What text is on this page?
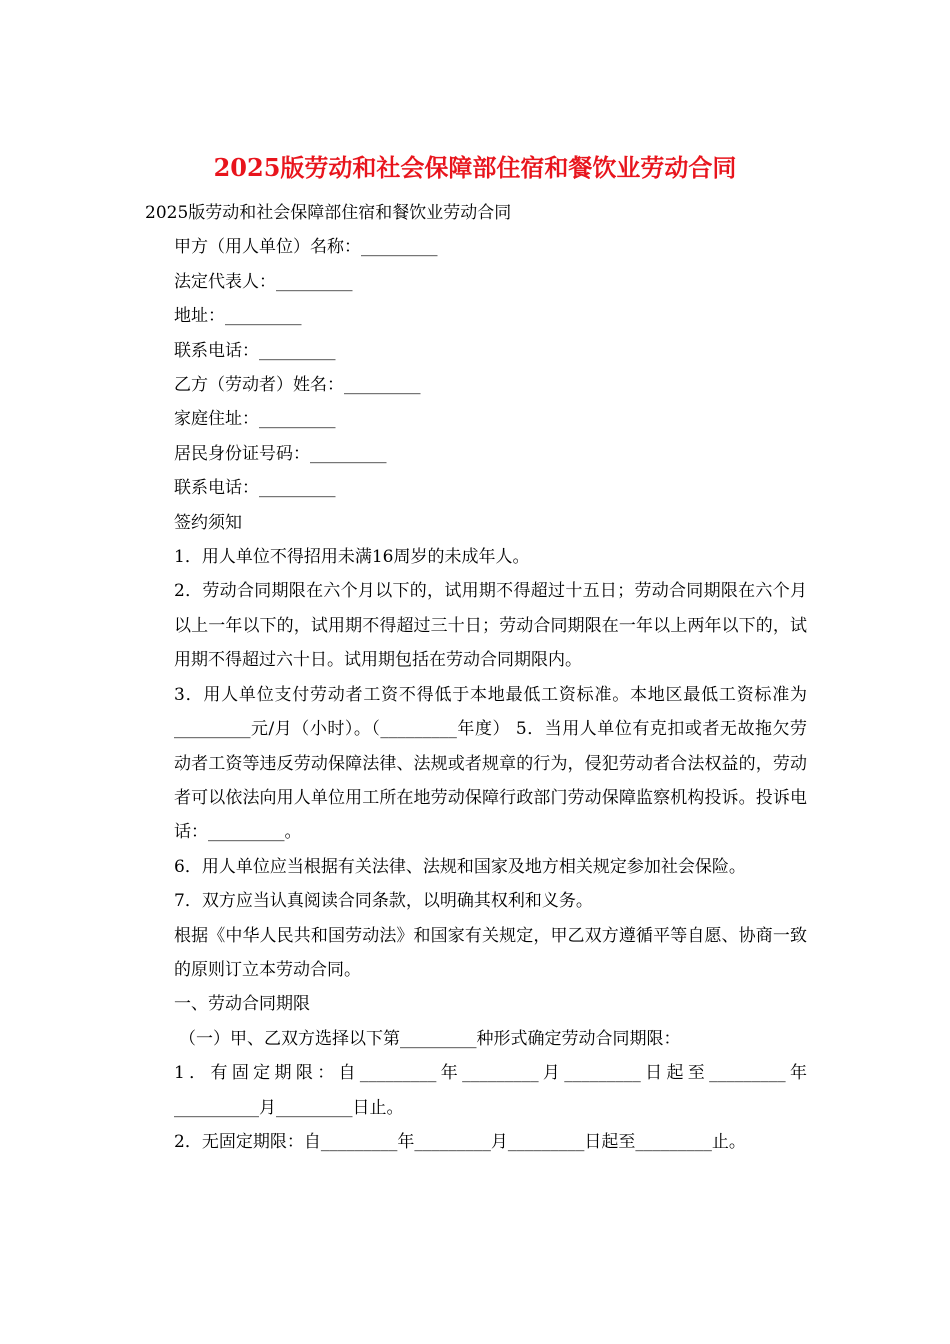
2025版劳动和社会保障部住宿和餐饮业劳动合同

2025版劳动和社会保障部住宿和餐饮业劳动合同

甲方（用人单位）名称：_________

法定代表人：_________

地址：_________

联系电话：_________

乙方（劳动者）姓名：_________

家庭住址：_________

居民身份证号码：_________

联系电话：_________

签约须知

1．用人单位不得招用未满16周岁的未成年人。

2．劳动合同期限在六个月以下的，试用期不得超过十五日；劳动合同期限在六个月以上一年以下的，试用期不得超过三十日；劳动合同期限在一年以上两年以下的，试用期不得超过六十日。试用期包括在劳动合同期限内。

3．用人单位支付劳动者工资不得低于本地最低工资标准。本地区最低工资标准为_________元/月（小时）。（_________年度） 5．当用人单位有克扣或者无故拖欠劳动者工资等违反劳动保障法律、法规或者规章的行为，侵犯劳动者合法权益的，劳动者可以依法向用人单位用工所在地劳动保障行政部门劳动保障监察机构投诉。投诉电话：_________。

6．用人单位应当根据有关法律、法规和国家及地方相关规定参加社会保险。

7．双方应当认真阅读合同条款，以明确其权利和义务。

根据《中华人民共和国劳动法》和国家有关规定，甲乙双方遵循平等自愿、协商一致的原则订立本劳动合同。

一、劳动合同期限

（一）甲、乙双方选择以下第_________种形式确定劳动合同期限：

1．有固定期限：自_________年_________月_________日起至_________年__________月_________日止。

2．无固定期限：自_________年_________月_________日起至_________止。
